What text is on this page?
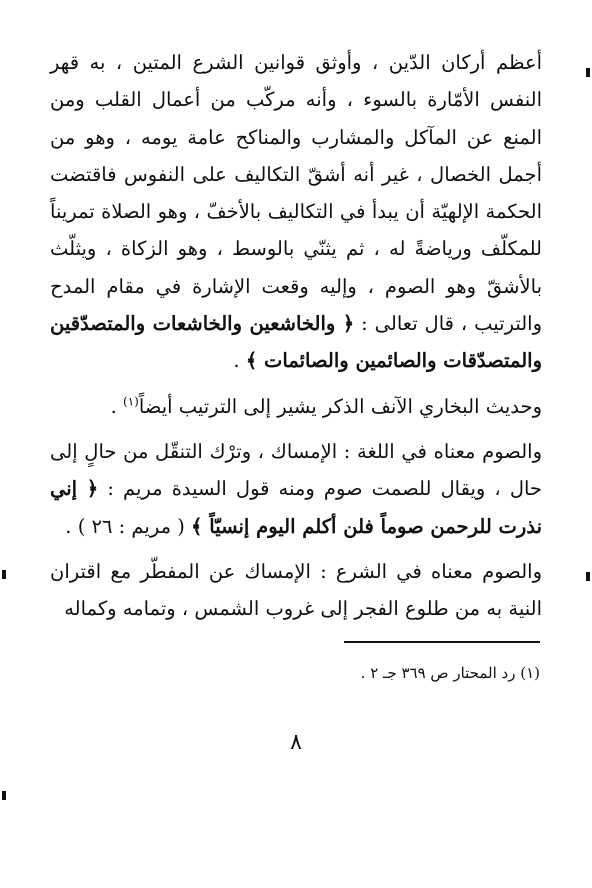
أعظم أركان الدّين ، وأوثق قوانين الشرع المتين ، به قهر النفس الأمّارة بالسوء ، وأنه مركّب من أعمال القلب ومن المنع عن المآكل والمشارب والمناكح عامة يومه ، وهو من أجمل الخصال ، غير أنه أشقّ التكاليف على النفوس فاقتضت الحكمة الإلهيّة أن يبدأ في التكاليف بالأخفّ ، وهو الصلاة تمريناً للمكلّف ورياضةً له ، ثم يثنّي بالوسط ، وهو الزكاة ، ويثلّث بالأشقّ وهو الصوم ، وإليه وقعت الإشارة في مقام المدح والترتيب ، قال تعالى : ﴿ والخاشعين والخاشعات والمتصدّقين والمتصدّقات والصائمين والصائمات ﴾ .

وحديث البخاري الآنف الذكر يشير إلى الترتيب أيضاً$^{(١)}$ .

والصوم معناه في اللغة : الإمساك ، وترْك التنقّل من حالٍ إلى حال ، ويقال للصمت صوم ومنه قول السيدة مريم : ﴿ إني نذرت للرحمن صوماً فلن أكلم اليوم إنسيّاً ﴾ ( مريم : ٢٦ ) .

والصوم معناه في الشرع : الإمساك عن المفطّر مع اقتران النية به من طلوع الفجر إلى غروب الشمس ، وتمامه وكماله

(١) رد المحتار ص ٣٦٩ جـ ٢ .
٨
